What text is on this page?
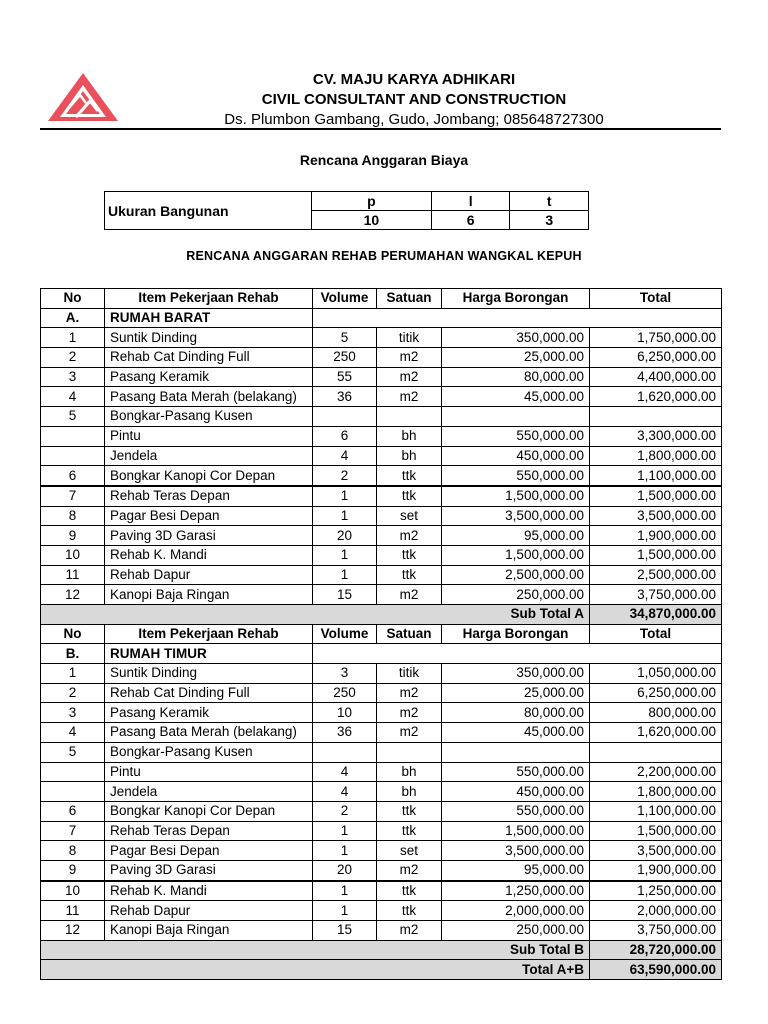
CV. MAJU KARYA ADHIKARI
CIVIL CONSULTANT AND CONSTRUCTION
Ds. Plumbon Gambang, Gudo, Jombang; 085648727300
Rencana Anggaran Biaya
Ukuran Bangunan	p	l	t
	10	6	3
RENCANA ANGGARAN REHAB PERUMAHAN WANGKAL KEPUH
No	Item Pekerjaan Rehab	Volume	Satuan	Harga Borongan	Total
A.	RUMAH BARAT				
1	Suntik Dinding	5	titik	350,000.00	1,750,000.00
2	Rehab Cat Dinding Full	250	m2	25,000.00	6,250,000.00
3	Pasang Keramik	55	m2	80,000.00	4,400,000.00
4	Pasang Bata Merah (belakang)	36	m2	45,000.00	1,620,000.00
5	Bongkar-Pasang Kusen				
	Pintu	6	bh	550,000.00	3,300,000.00
	Jendela	4	bh	450,000.00	1,800,000.00
6	Bongkar Kanopi Cor Depan	2	ttk	550,000.00	1,100,000.00
7	Rehab Teras Depan	1	ttk	1,500,000.00	1,500,000.00
8	Pagar Besi Depan	1	set	3,500,000.00	3,500,000.00
9	Paving 3D Garasi	20	m2	95,000.00	1,900,000.00
10	Rehab K. Mandi	1	ttk	1,500,000.00	1,500,000.00
11	Rehab Dapur	1	ttk	2,500,000.00	2,500,000.00
12	Kanopi Baja Ringan	15	m2	250,000.00	3,750,000.00
Sub Total A					34,870,000.00
No	Item Pekerjaan Rehab	Volume	Satuan	Harga Borongan	Total
B.	RUMAH TIMUR				
1	Suntik Dinding	3	titik	350,000.00	1,050,000.00
2	Rehab Cat Dinding Full	250	m2	25,000.00	6,250,000.00
3	Pasang Keramik	10	m2	80,000.00	800,000.00
4	Pasang Bata Merah (belakang)	36	m2	45,000.00	1,620,000.00
5	Bongkar-Pasang Kusen				
	Pintu	4	bh	550,000.00	2,200,000.00
	Jendela	4	bh	450,000.00	1,800,000.00
6	Bongkar Kanopi Cor Depan	2	ttk	550,000.00	1,100,000.00
7	Rehab Teras Depan	1	ttk	1,500,000.00	1,500,000.00
8	Pagar Besi Depan	1	set	3,500,000.00	3,500,000.00
9	Paving 3D Garasi	20	m2	95,000.00	1,900,000.00
10	Rehab K. Mandi	1	ttk	1,250,000.00	1,250,000.00
11	Rehab Dapur	1	ttk	2,000,000.00	2,000,000.00
12	Kanopi Baja Ringan	15	m2	250,000.00	3,750,000.00
Sub Total B					28,720,000.00
Total A+B					63,590,000.00
